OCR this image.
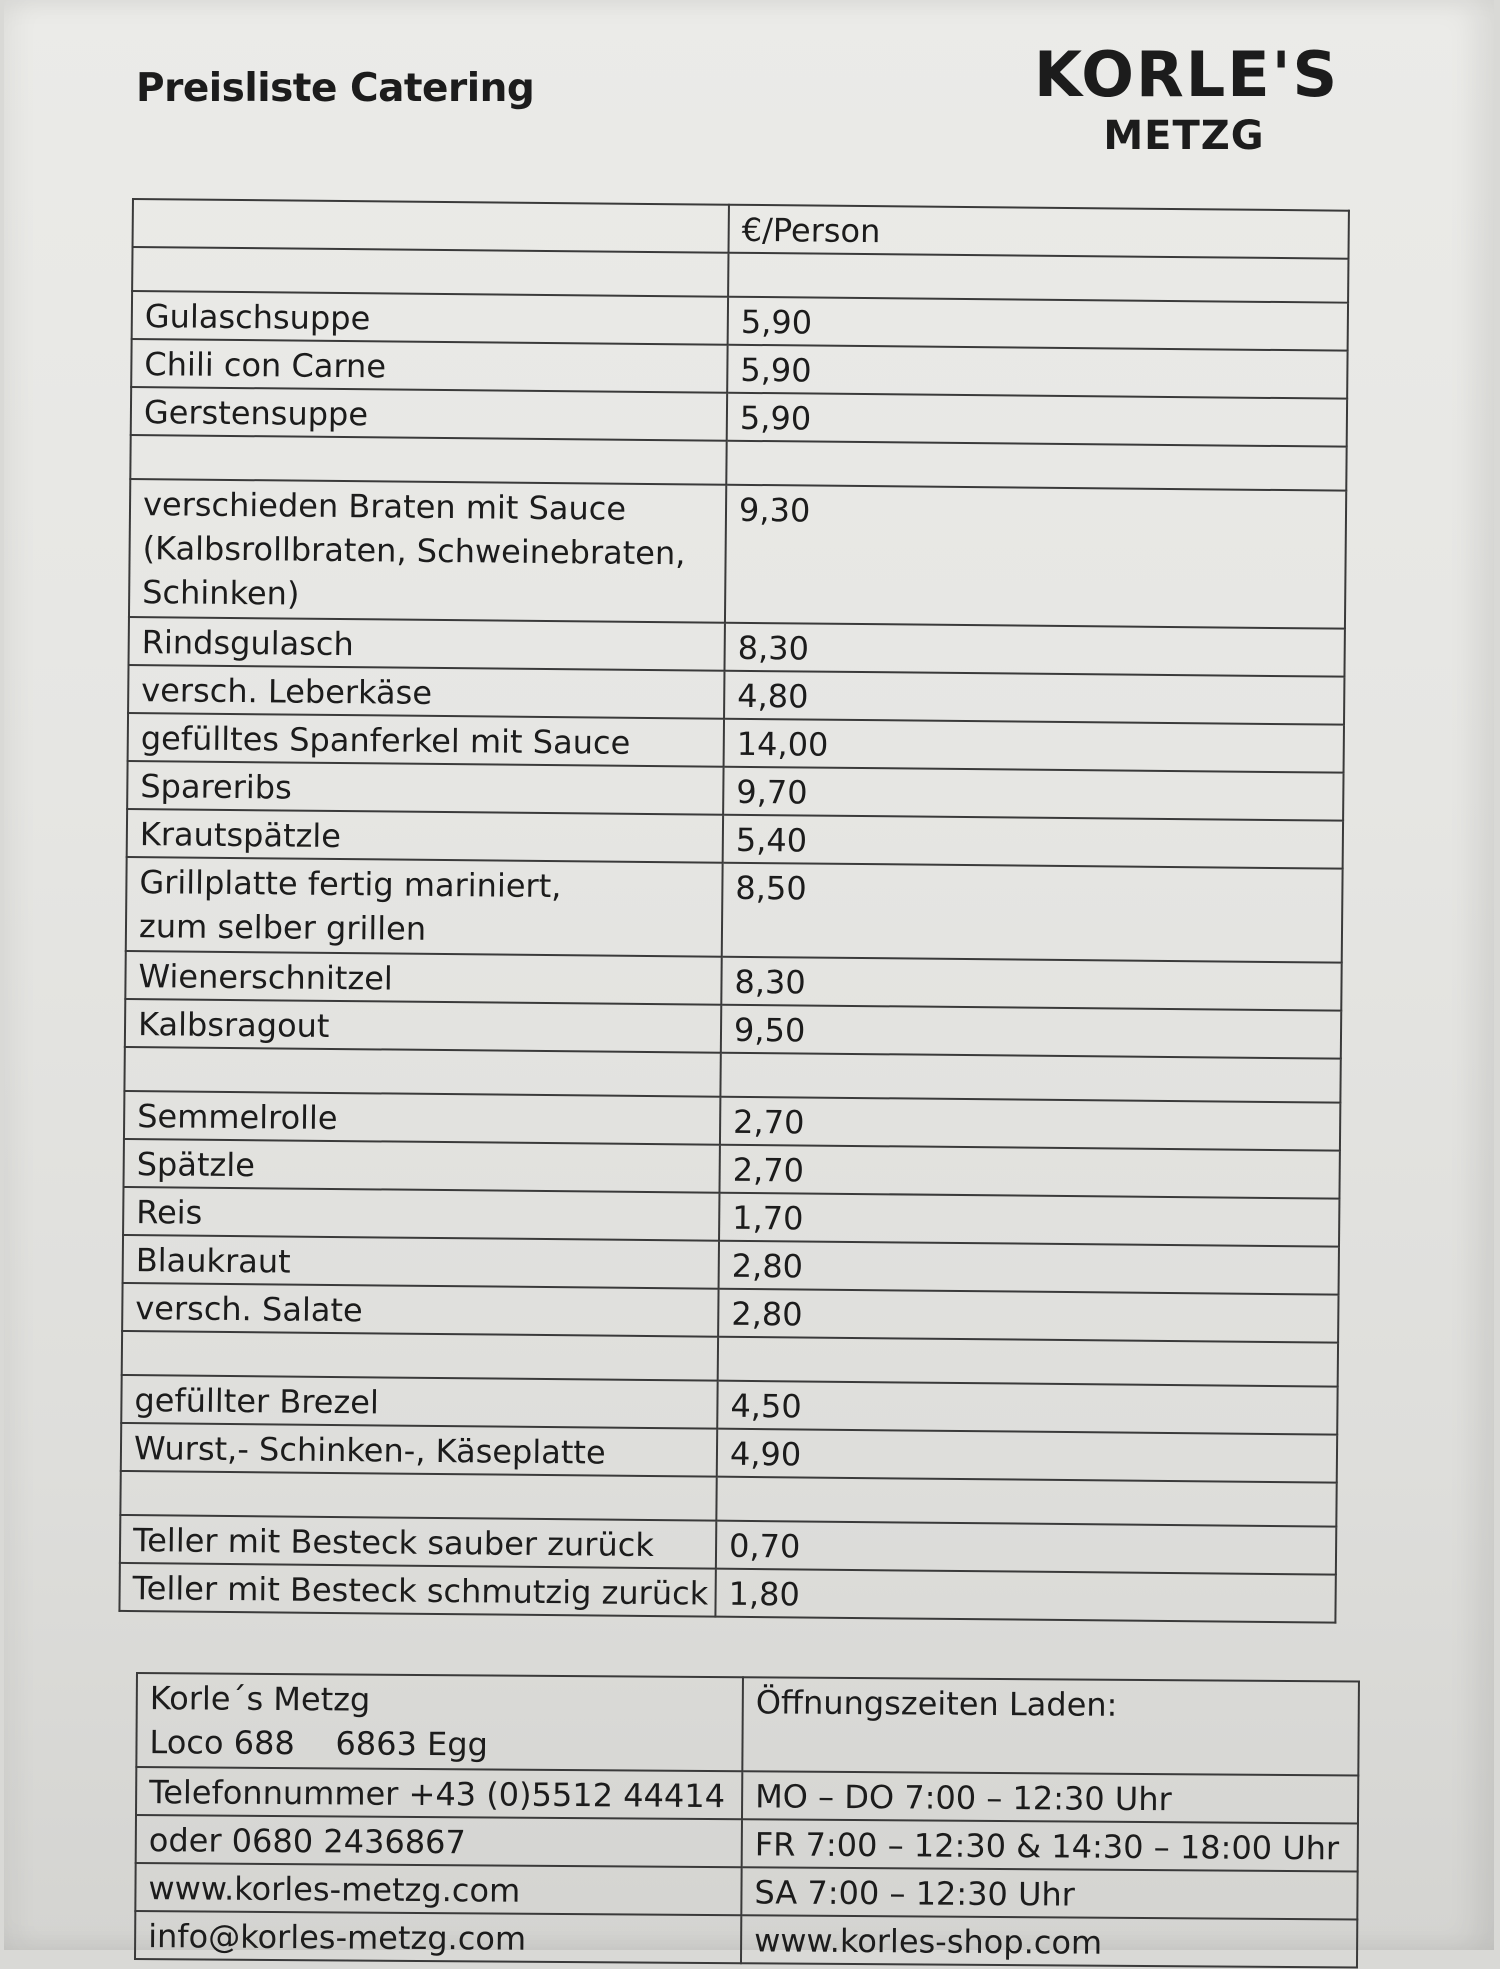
Preisliste Catering	KORLE'S
METZG
	€/Person

Gulaschsuppe	5,90
Chili con Carne	5,90
Gerstensuppe	5,90

verschieden Braten mit Sauce
(Kalbsrollbraten, Schweinebraten,
Schinken)	9,30
Rindsgulasch	8,30
versch. Leberkäse	4,80
gefülltes Spanferkel mit Sauce	14,00
Spareribs	9,70
Krautspätzle	5,40

Grillplatte fertig mariniert,
zum selber grillen	8,50
Wienerschnitzel	8,30
Kalbsragout	9,50

Semmelrolle	2,70
Spätzle	2,70
Reis	1,70
Blaukraut	2,80
versch. Salate	2,80

gefüllter Brezel	4,50
Wurst,- Schinken-, Käseplatte	4,90

Teller mit Besteck sauber zurück	0,70
Teller mit Besteck schmutzig zurück	1,80
Korle´s Metzg
Loco 688    6863 Egg	Öffnungszeiten Laden:
Telefonnummer +43 (0)5512 44414	MO – DO 7:00 – 12:30 Uhr
oder 0680 2436867	FR 7:00 – 12:30 & 14:30 – 18:00 Uhr
www.korles-metzg.com	SA 7:00 – 12:30 Uhr
info@korles-metzg.com	www.korles-shop.com
